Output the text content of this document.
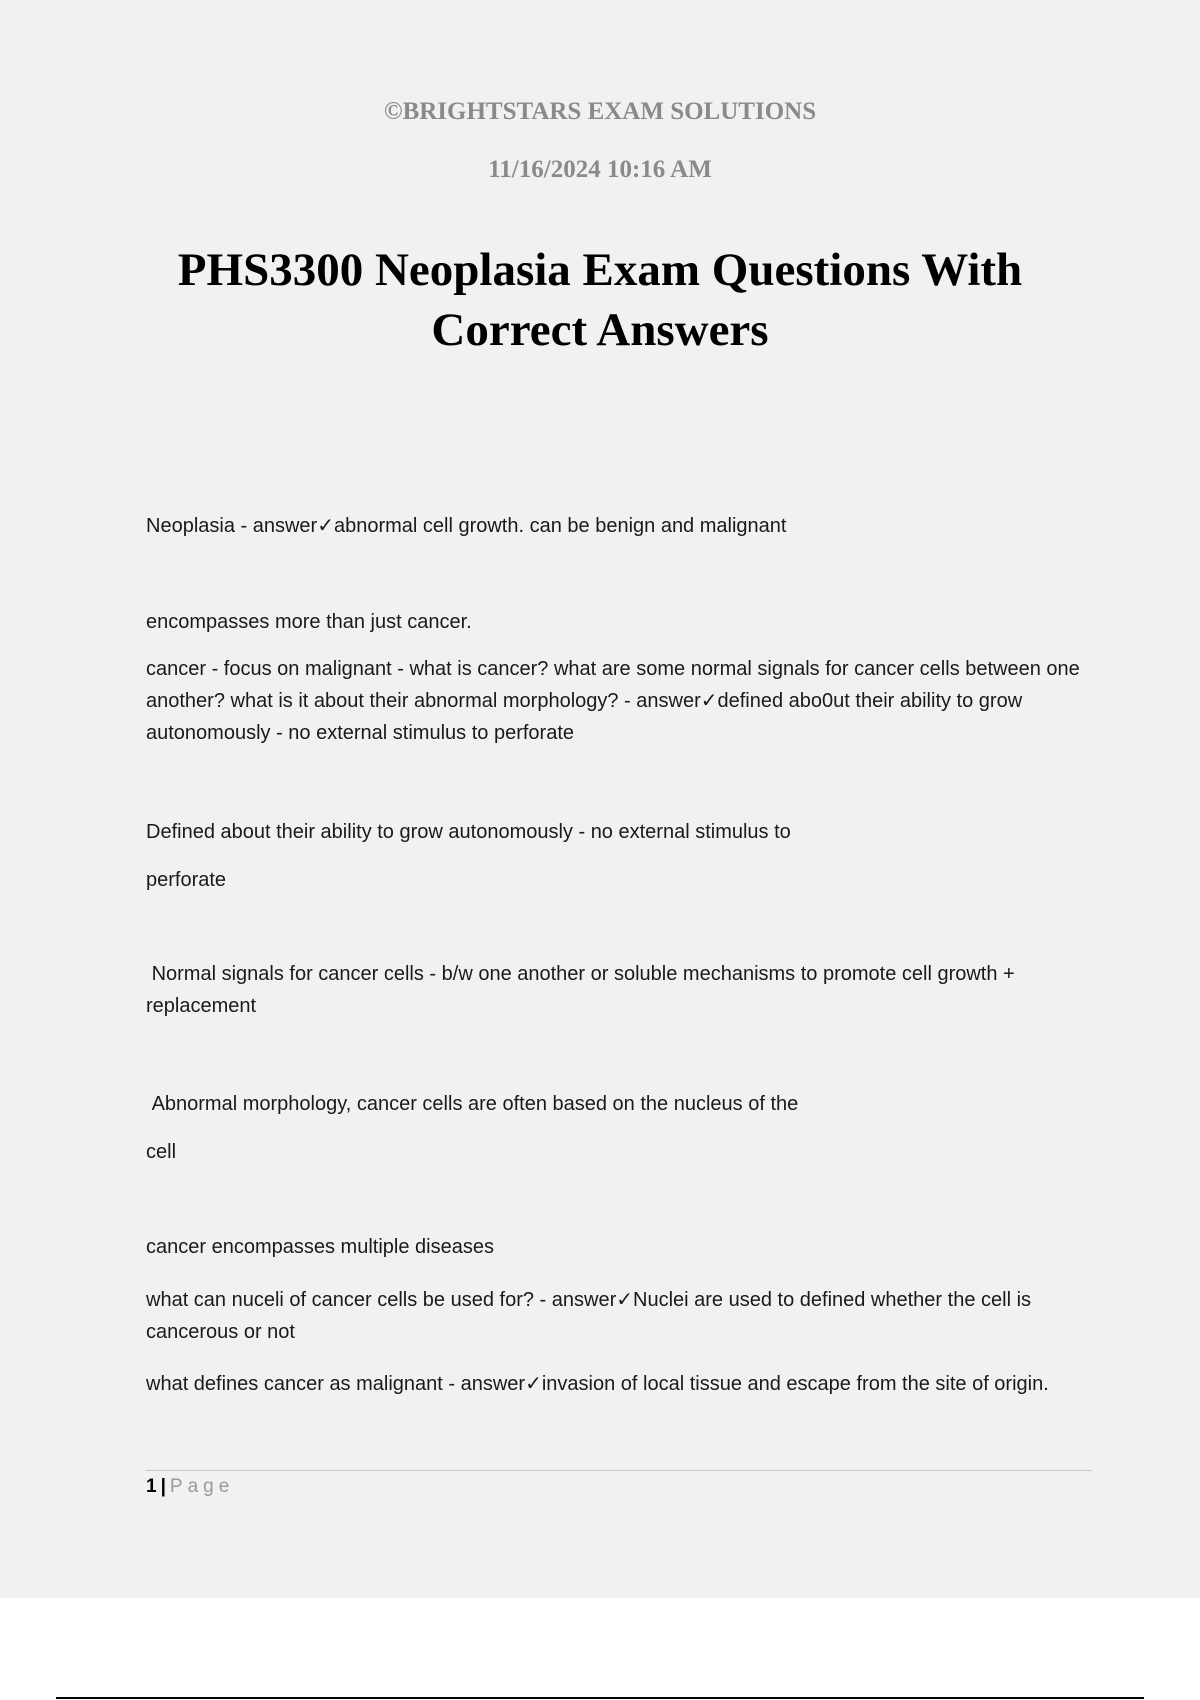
©BRIGHTSTARS EXAM SOLUTIONS

11/16/2024 10:16 AM

PHS3300 Neoplasia Exam Questions With
Correct Answers

Neoplasia - answer✓abnormal cell growth. can be benign and malignant

encompasses more than just cancer.

cancer - focus on malignant - what is cancer? what are some normal signals for cancer cells between one another? what is it about their abnormal morphology? - answer✓defined abo0ut their ability to grow autonomously - no external stimulus to perforate

Defined about their ability to grow autonomously - no external stimulus to

perforate

Normal signals for cancer cells - b/w one another or soluble mechanisms to promote cell growth + replacement

Abnormal morphology, cancer cells are often based on the nucleus of the

cell

cancer encompasses multiple diseases

what can nuceli of cancer cells be used for? - answer✓Nuclei are used to defined whether the cell is cancerous or not

what defines cancer as malignant - answer✓invasion of local tissue and escape from the site of origin.

1 | Page
